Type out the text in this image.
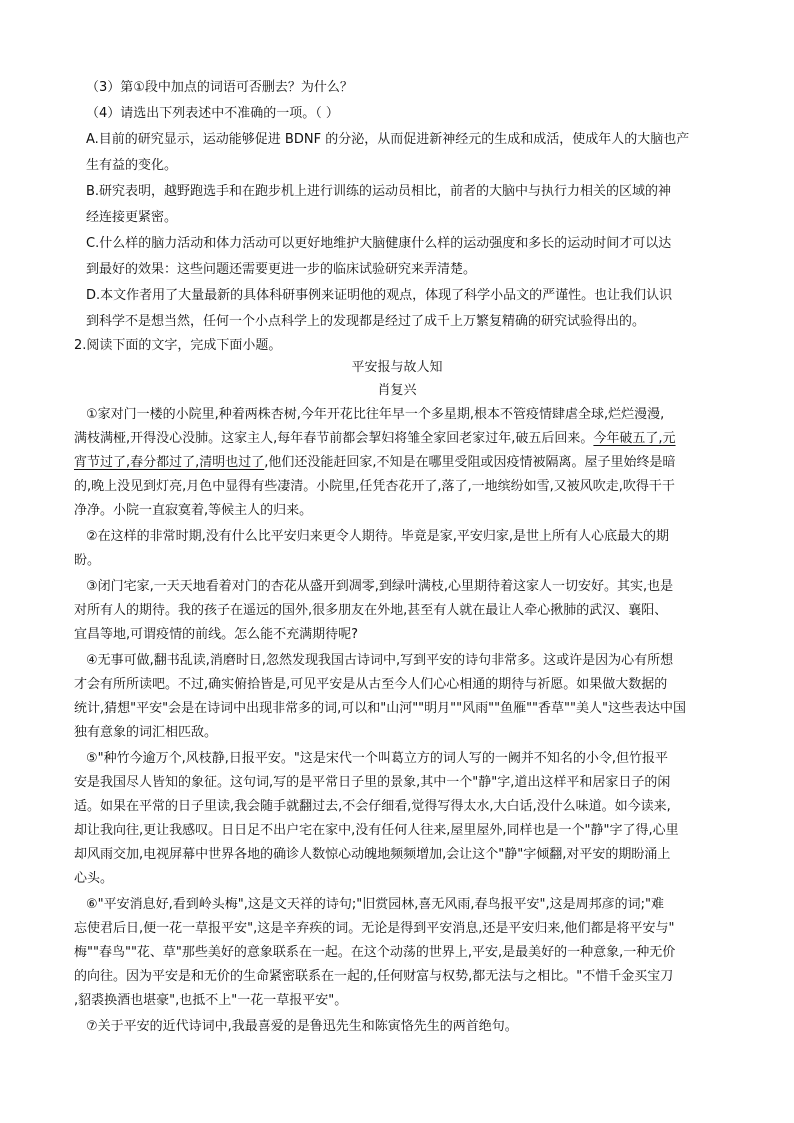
（3）第①段中加点的词语可否删去？为什么？
（4）请选出下列表述中不准确的一项。（ ）
A.目前的研究显示，运动能够促进 BDNF 的分泌，从而促进新神经元的生成和成活，使成年人的大脑也产
生有益的变化。
B.研究表明，越野跑选手和在跑步机上进行训练的运动员相比，前者的大脑中与执行力相关的区域的神
经连接更紧密。
C.什么样的脑力活动和体力活动可以更好地维护大脑健康什么样的运动强度和多长的运动时间才可以达
到最好的效果：这些问题还需要更进一步的临床试验研究来弄清楚。
D.本文作者用了大量最新的具体科研事例来证明他的观点，体现了科学小品文的严谨性。也让我们认识
到科学不是想当然，任何一个小点科学上的发现都是经过了成千上万繁复精确的研究试验得出的。
2.阅读下面的文字，完成下面小题。
平安报与故人知
肖复兴
①家对门一楼的小院里,种着两株杏树,今年开花比往年早一个多星期,根本不管疫情肆虐全球,烂烂漫漫,
满枝满桠,开得没心没肺。这家主人,每年春节前都会挈妇将雏全家回老家过年,破五后回来。今年破五了,元
宵节过了,春分都过了,清明也过了,他们还没能赶回家,不知是在哪里受阻或因疫情被隔离。屋子里始终是暗
的,晚上没见到灯亮,月色中显得有些凄清。小院里,任凭杏花开了,落了,一地缤纷如雪,又被风吹走,吹得干干
净净。小院一直寂寞着,等候主人的归来。
②在这样的非常时期,没有什么比平安归来更令人期待。毕竟是家,平安归家,是世上所有人心底最大的期
盼。
③闭门宅家,一天天地看着对门的杏花从盛开到凋零,到绿叶满枝,心里期待着这家人一切安好。其实,也是
对所有人的期待。我的孩子在遥远的国外,很多朋友在外地,甚至有人就在最让人牵心揪肺的武汉、襄阳、
宜昌等地,可谓疫情的前线。怎么能不充满期待呢?
④无事可做,翻书乱读,消磨时日,忽然发现我国古诗词中,写到平安的诗句非常多。这或许是因为心有所想
才会有所所读吧。不过,确实俯拾皆是,可见平安是从古至今人们心心相通的期待与祈愿。如果做大数据的
统计,猜想"平安"会是在诗词中出现非常多的词,可以和"山河""明月""风雨""鱼雁""香草""美人"这些表达中国
独有意象的词汇相匹敌。
⑤"种竹今逾万个,风枝静,日报平安。"这是宋代一个叫葛立方的词人写的一阙并不知名的小令,但竹报平
安是我国尽人皆知的象征。这句词,写的是平常日子里的景象,其中一个"静"字,道出这样平和居家日子的闲
适。如果在平常的日子里读,我会随手就翻过去,不会仔细看,觉得写得太水,大白话,没什么味道。如今读来,
却让我向往,更让我感叹。日日足不出户宅在家中,没有任何人往来,屋里屋外,同样也是一个"静"字了得,心里
却风雨交加,电视屏幕中世界各地的确诊人数惊心动魄地频频增加,会让这个"静"字倾翻,对平安的期盼涌上
心头。
⑥"平安消息好,看到岭头梅",这是文天祥的诗句;"旧赏园林,喜无风雨,春鸟报平安",这是周邦彦的词;"难
忘使君后日,便一花一草报平安",这是辛弃疾的词。无论是得到平安消息,还是平安归来,他们都是将平安与"
梅""春鸟""花、草"那些美好的意象联系在一起。在这个动荡的世界上,平安,是最美好的一种意象,一种无价
的向往。因为平安是和无价的生命紧密联系在一起的,任何财富与权势,都无法与之相比。"不惜千金买宝刀
,貂裘换酒也堪豪",也抵不上"一花一草报平安"。
⑦关于平安的近代诗词中,我最喜爱的是鲁迅先生和陈寅恪先生的两首绝句。
